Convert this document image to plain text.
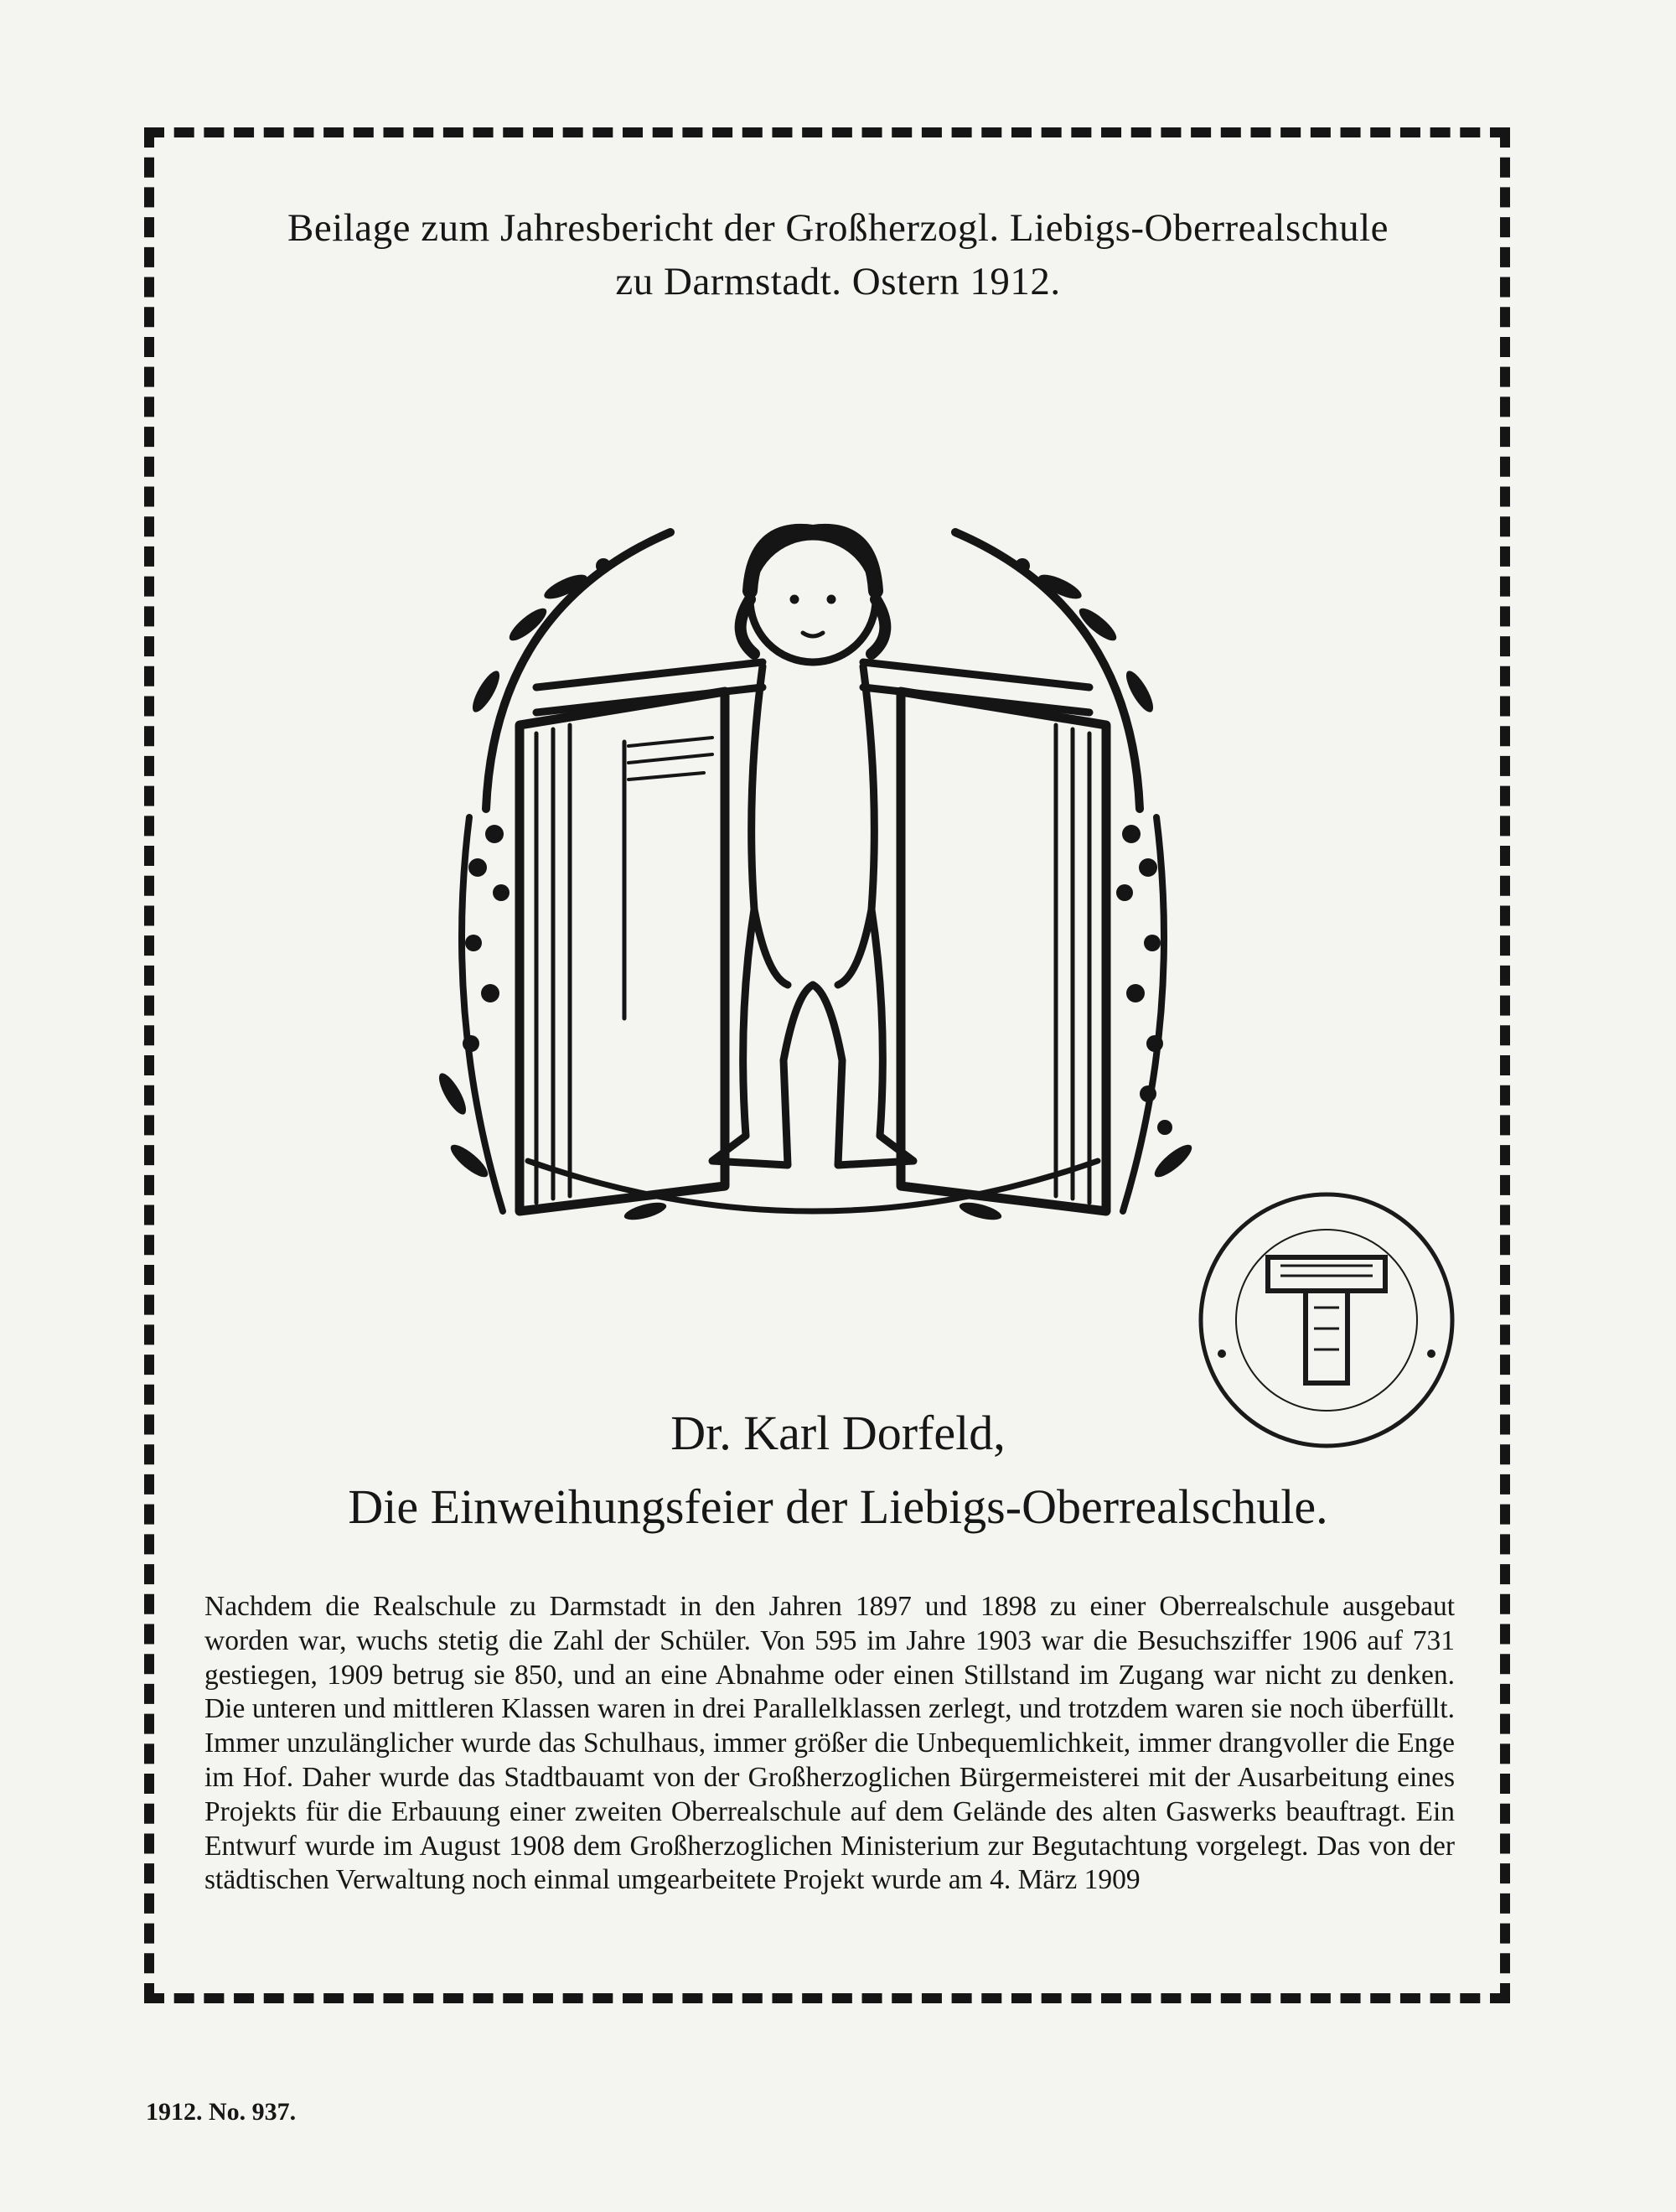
Beilage zum Jahresbericht der Großherzogl. Liebigs-Oberrealschule
zu Darmstadt. Ostern 1912.
Dr. Karl Dorfeld,
Die Einweihungsfeier der Liebigs-Oberrealschule.
Nachdem die Realschule zu Darmstadt in den Jahren 1897 und 1898 zu einer Oberrealschule ausgebaut worden war, wuchs stetig die Zahl der Schüler. Von 595 im Jahre 1903 war die Besuchsziffer 1906 auf 731 gestiegen, 1909 betrug sie 850, und an eine Abnahme oder einen Stillstand im Zugang war nicht zu denken. Die unteren und mittleren Klassen waren in drei Parallelklassen zerlegt, und trotzdem waren sie noch überfüllt. Immer unzulänglicher wurde das Schulhaus, immer größer die Unbequemlichkeit, immer drangvoller die Enge im Hof. Daher wurde das Stadtbauamt von der Großherzoglichen Bürgermeisterei mit der Ausarbeitung eines Projekts für die Erbauung einer zweiten Oberrealschule auf dem Gelände des alten Gaswerks beauftragt. Ein Entwurf wurde im August 1908 dem Großherzoglichen Ministerium zur Begutachtung vorgelegt. Das von der städtischen Verwaltung noch einmal umgearbeitete Projekt wurde am 4. März 1909
1912. No. 937.
